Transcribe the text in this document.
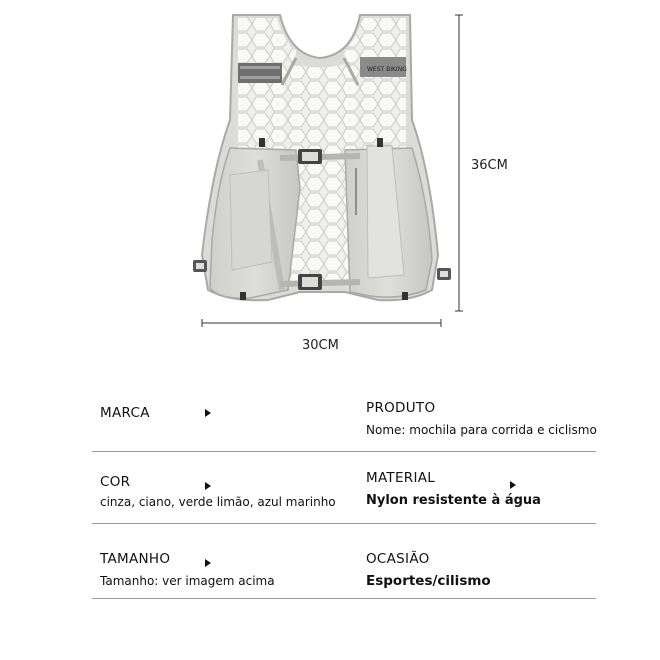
WEST BIKING
36CM
30CM
MARCA	PRODUTO
Nome: mochila para corrida e ciclismo
COR
cinza, ciano, verde limão, azul marinho
MATERIAL
Nylon resistente à água
TAMANHO
Tamanho: ver imagem acima
OCASIÃO
Esportes/cilismo
